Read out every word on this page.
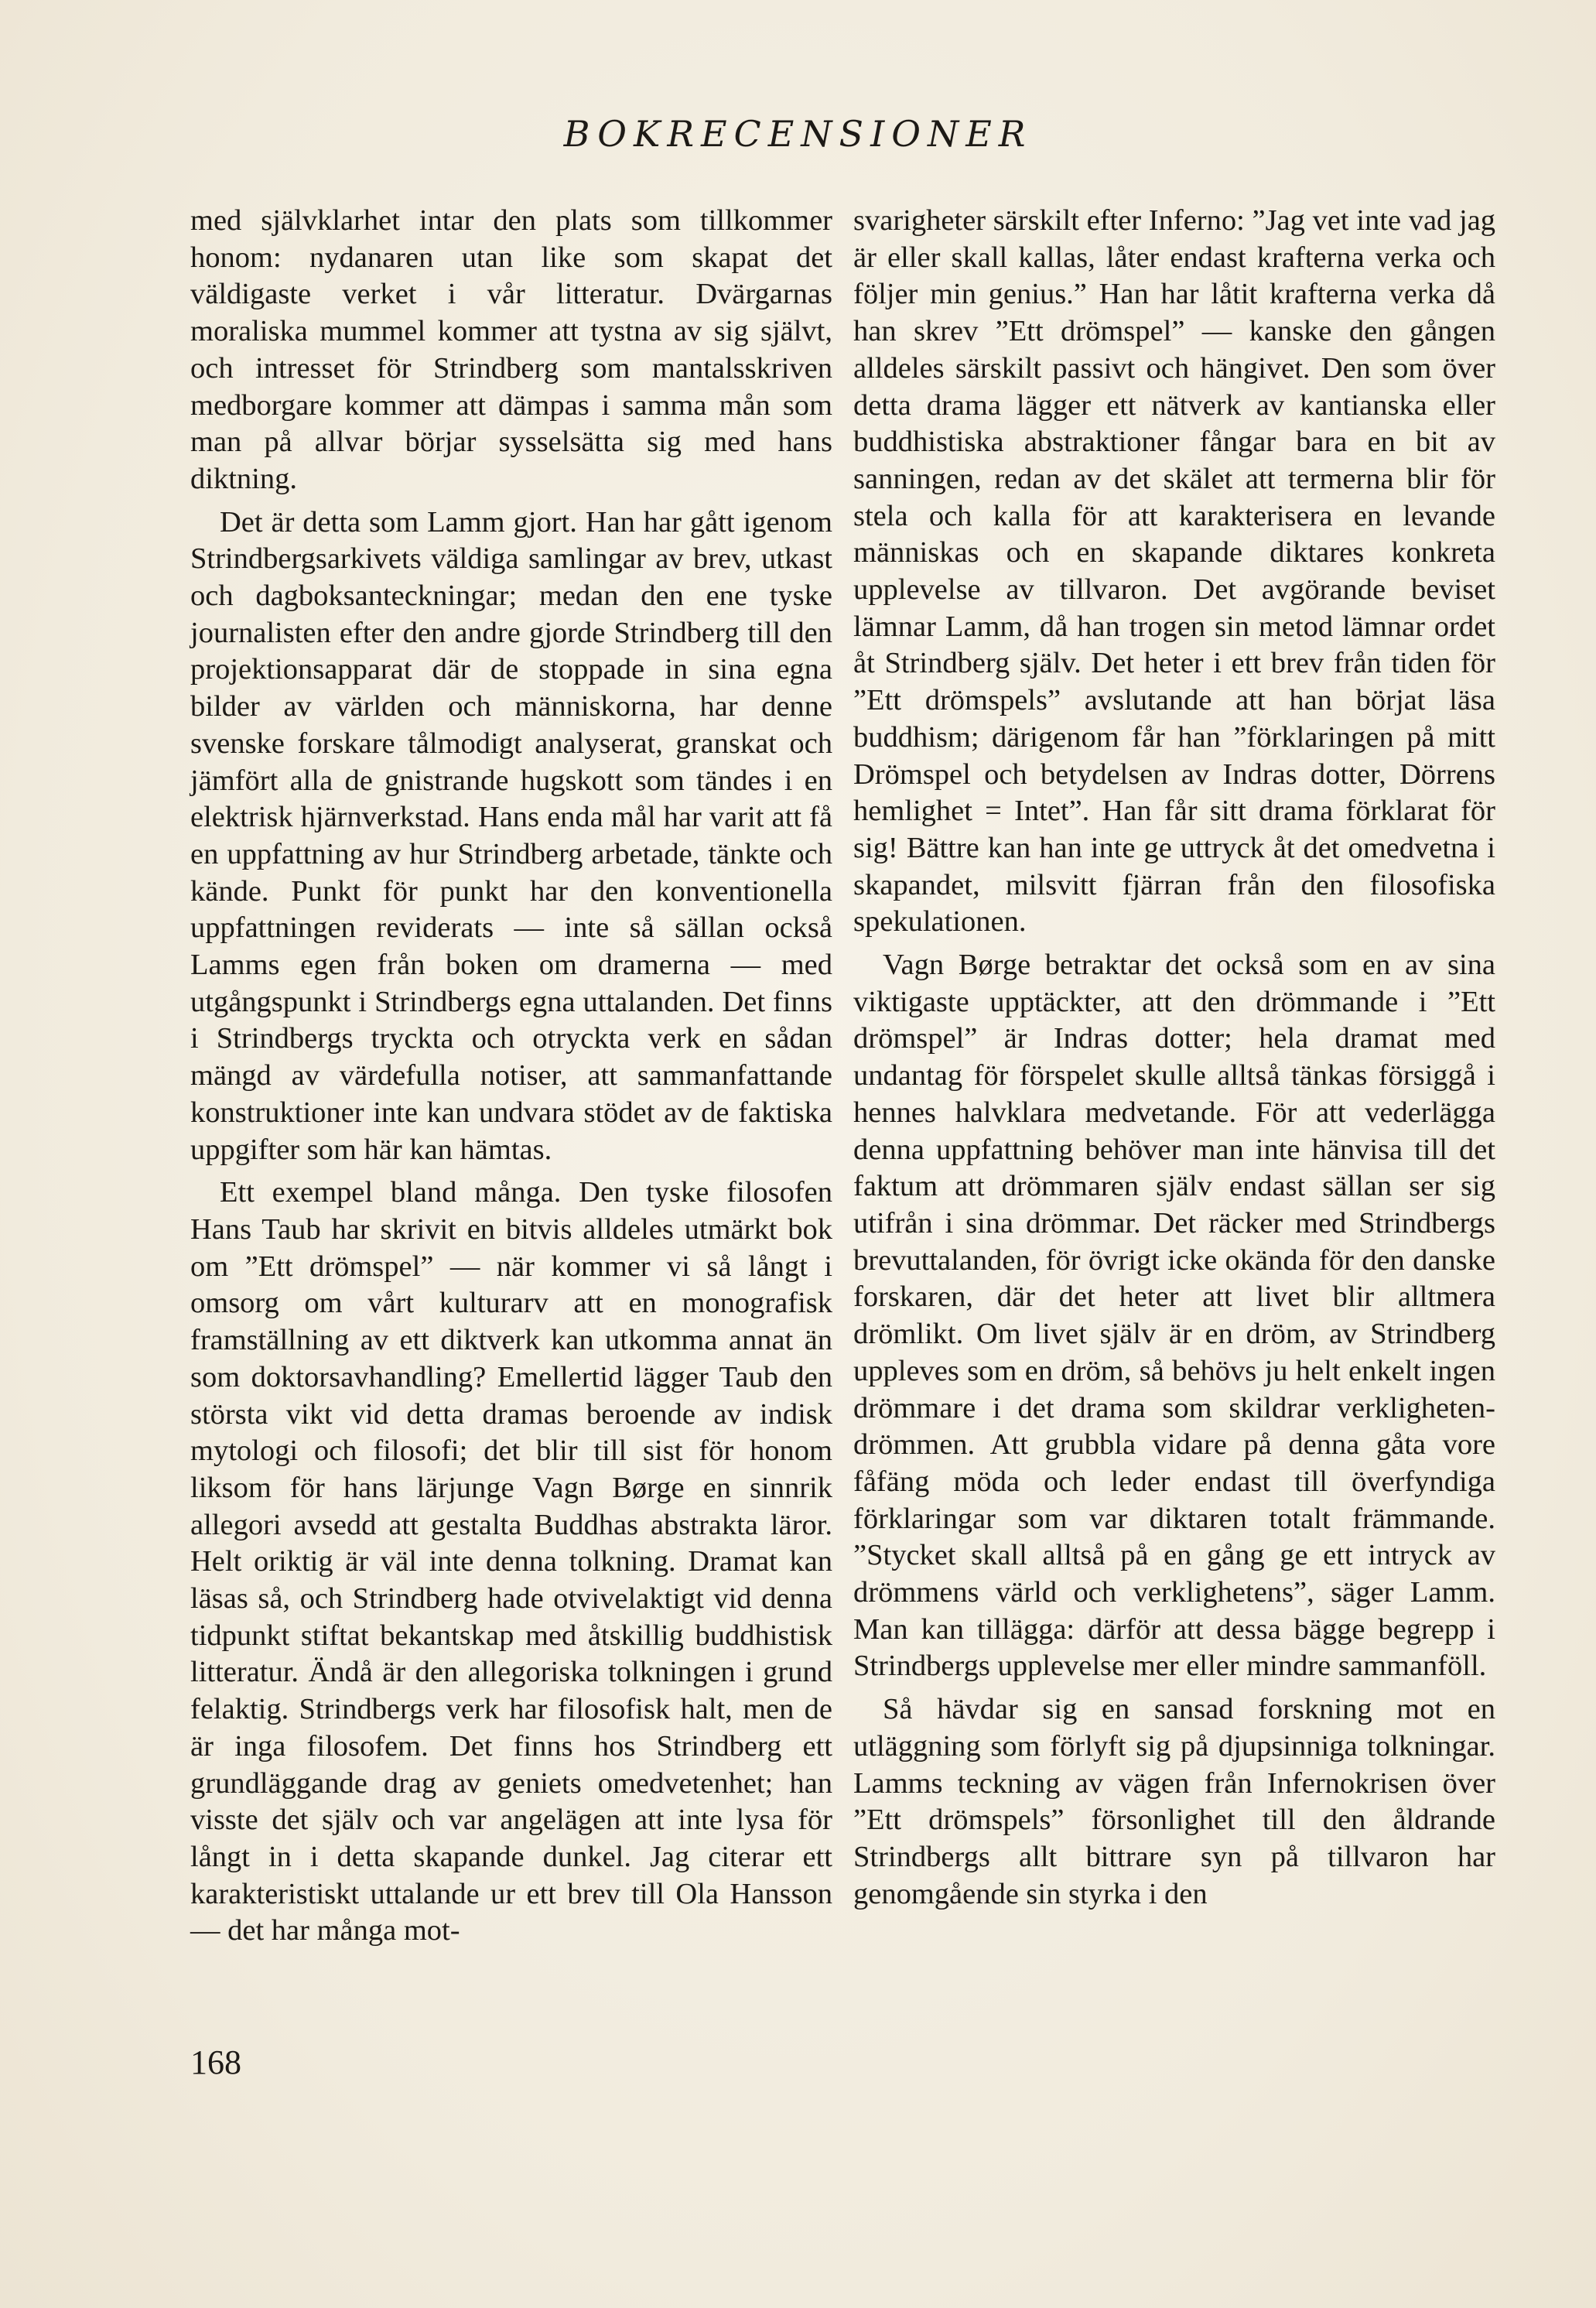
BOKRECENSIONER

med självklarhet intar den plats som tillkommer honom: nydanaren utan like som skapat det väldigaste verket i vår litteratur. Dvärgarnas moraliska mummel kommer att tystna av sig självt, och intresset för Strindberg som mantalsskriven medborgare kommer att dämpas i samma mån som man på allvar börjar sysselsätta sig med hans diktning.

Det är detta som Lamm gjort. Han har gått igenom Strindbergsarkivets väldiga samlingar av brev, utkast och dagboksanteckningar; medan den ene tyske journalisten efter den andre gjorde Strindberg till den projektionsapparat där de stoppade in sina egna bilder av världen och människorna, har denne svenske forskare tålmodigt analyserat, granskat och jämfört alla de gnistrande hugskott som tändes i en elektrisk hjärnverkstad. Hans enda mål har varit att få en uppfattning av hur Strindberg arbetade, tänkte och kände. Punkt för punkt har den konventionella uppfattningen reviderats — inte så sällan också Lamms egen från boken om dramerna — med utgångspunkt i Strindbergs egna uttalanden. Det finns i Strindbergs tryckta och otryckta verk en sådan mängd av värdefulla notiser, att sammanfattande konstruktioner inte kan undvara stödet av de faktiska uppgifter som här kan hämtas.

Ett exempel bland många. Den tyske filosofen Hans Taub har skrivit en bitvis alldeles utmärkt bok om ”Ett drömspel” — när kommer vi så långt i omsorg om vårt kulturarv att en monografisk framställning av ett diktverk kan utkomma annat än som doktorsavhandling? Emellertid lägger Taub den största vikt vid detta dramas beroende av indisk mytologi och filosofi; det blir till sist för honom liksom för hans lärjunge Vagn Børge en sinnrik allegori avsedd att gestalta Buddhas abstrakta läror. Helt oriktig är väl inte denna tolkning. Dramat kan läsas så, och Strindberg hade otvivelaktigt vid denna tidpunkt stiftat bekantskap med åtskillig buddhistisk litteratur. Ändå är den allegoriska tolkningen i grund felaktig. Strindbergs verk har filosofisk halt, men de är inga filosofem. Det finns hos Strindberg ett grundläggande drag av geniets omedvetenhet; han visste det själv och var angelägen att inte lysa för långt in i detta skapande dunkel. Jag citerar ett karakteristiskt uttalande ur ett brev till Ola Hansson — det har många mot-

svarigheter särskilt efter Inferno: ”Jag vet inte vad jag är eller skall kallas, låter endast krafterna verka och följer min genius.” Han har låtit krafterna verka då han skrev ”Ett drömspel” — kanske den gången alldeles särskilt passivt och hängivet. Den som över detta drama lägger ett nätverk av kantianska eller buddhistiska abstraktioner fångar bara en bit av sanningen, redan av det skälet att termerna blir för stela och kalla för att karakterisera en levande människas och en skapande diktares konkreta upplevelse av tillvaron. Det avgörande beviset lämnar Lamm, då han trogen sin metod lämnar ordet åt Strindberg själv. Det heter i ett brev från tiden för ”Ett drömspels” avslutande att han börjat läsa buddhism; därigenom får han ”förklaringen på mitt Drömspel och betydelsen av Indras dotter, Dörrens hemlighet = Intet”. Han får sitt drama förklarat för sig! Bättre kan han inte ge uttryck åt det omedvetna i skapandet, milsvitt fjärran från den filosofiska spekulationen.

Vagn Børge betraktar det också som en av sina viktigaste upptäckter, att den drömmande i ”Ett drömspel” är Indras dotter; hela dramat med undantag för förspelet skulle alltså tänkas försiggå i hennes halvklara medvetande. För att vederlägga denna uppfattning behöver man inte hänvisa till det faktum att drömmaren själv endast sällan ser sig utifrån i sina drömmar. Det räcker med Strindbergs brevuttalanden, för övrigt icke okända för den danske forskaren, där det heter att livet blir alltmera drömlikt. Om livet själv är en dröm, av Strindberg uppleves som en dröm, så behövs ju helt enkelt ingen drömmare i det drama som skildrar verkligheten-drömmen. Att grubbla vidare på denna gåta vore fåfäng möda och leder endast till överfyndiga förklaringar som var diktaren totalt främmande. ”Stycket skall alltså på en gång ge ett intryck av drömmens värld och verklighetens”, säger Lamm. Man kan tillägga: därför att dessa bägge begrepp i Strindbergs upplevelse mer eller mindre sammanföll.

Så hävdar sig en sansad forskning mot en utläggning som förlyft sig på djupsinniga tolkningar. Lamms teckning av vägen från Infernokrisen över ”Ett drömspels” försonlighet till den åldrande Strindbergs allt bittrare syn på tillvaron har genomgående sin styrka i den

168
